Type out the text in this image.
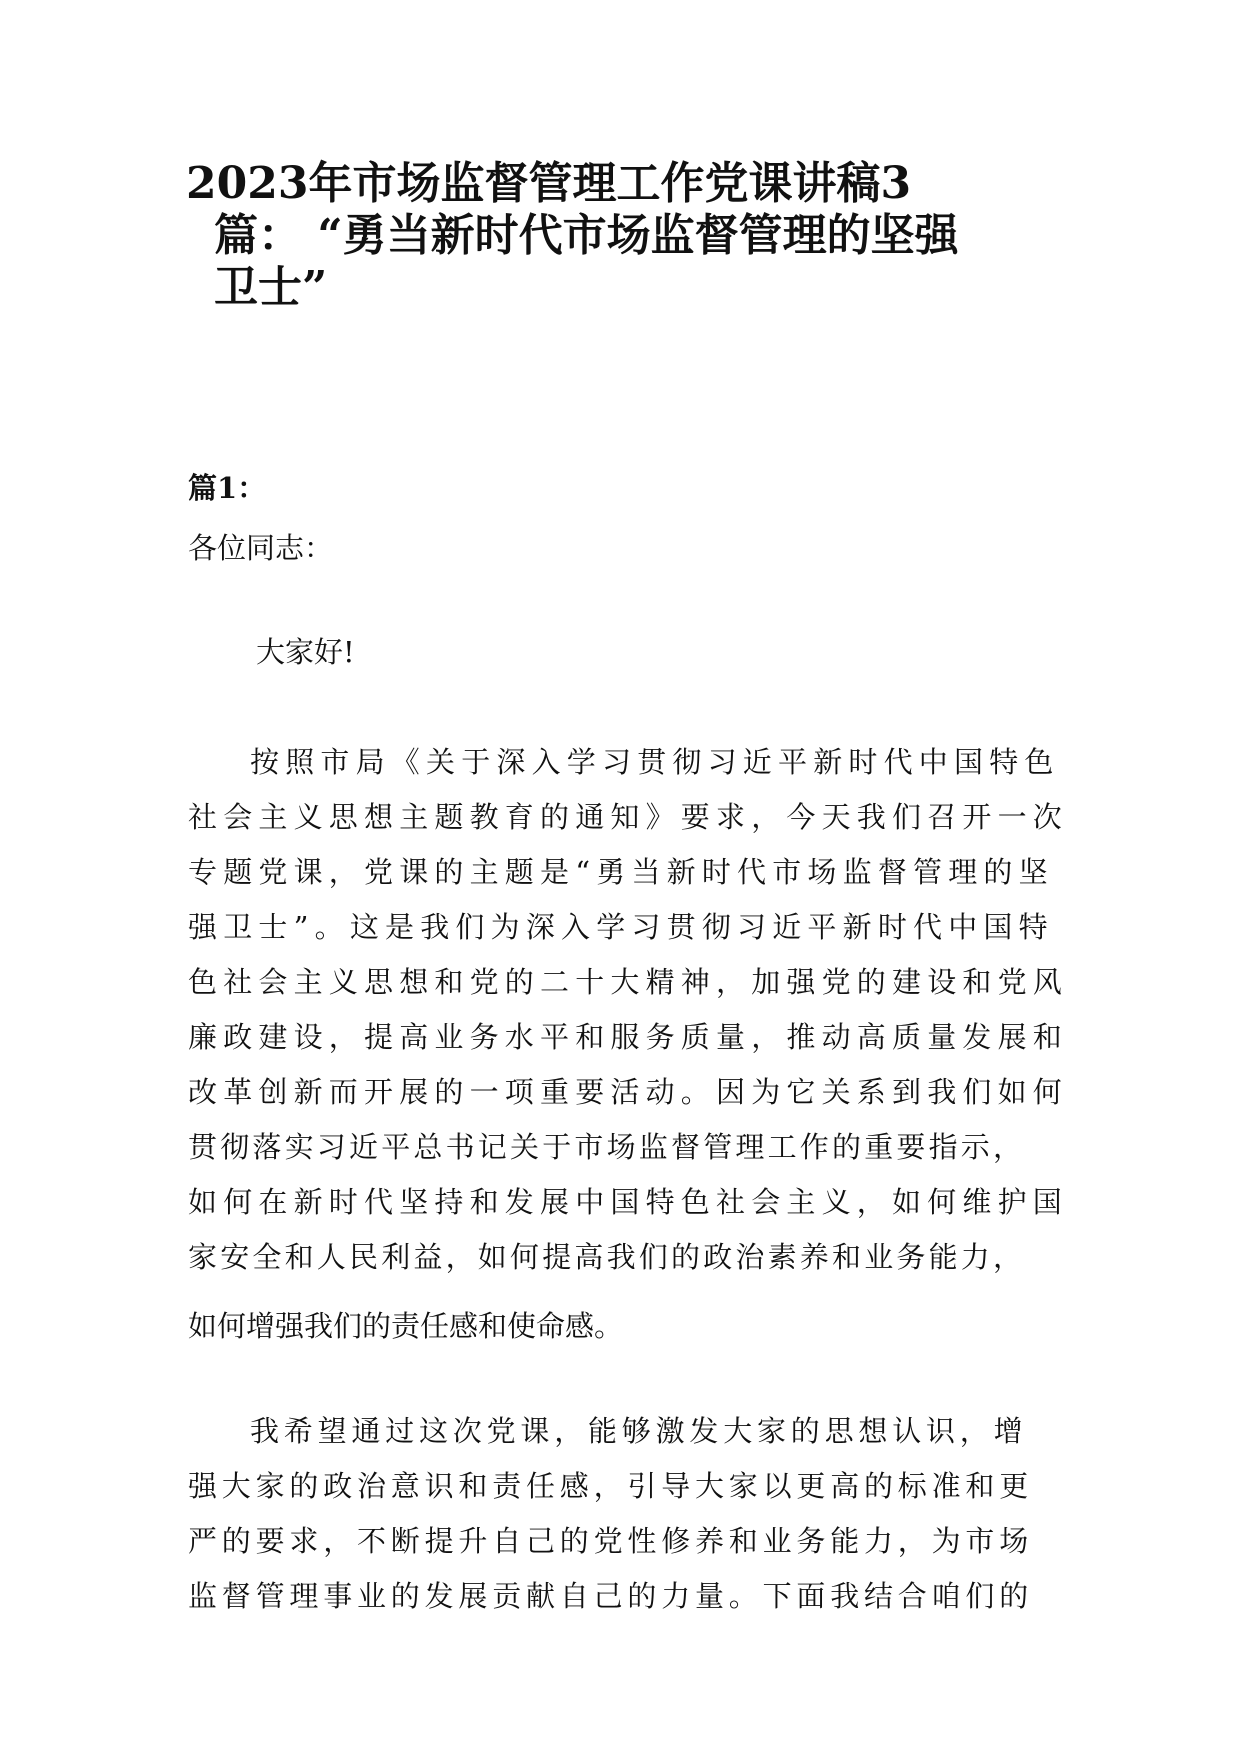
2023年市场监督管理工作党课讲稿3
篇： “勇当新时代市场监督管理的坚强
卫士”
篇1：
各位同志：
大家好!
按照市局《关于深入学习贯彻习近平新时代中国特色
社会主义思想主题教育的通知》要求，今天我们召开一次
专题党课，党课的主题是“勇当新时代市场监督管理的坚
强卫士”。这是我们为深入学习贯彻习近平新时代中国特
色社会主义思想和党的二十大精神，加强党的建设和党风
廉政建设，提高业务水平和服务质量，推动高质量发展和
改革创新而开展的一项重要活动。因为它关系到我们如何
贯彻落实习近平总书记关于市场监督管理工作的重要指示，
如何在新时代坚持和发展中国特色社会主义，如何维护国
家安全和人民利益，如何提高我们的政治素养和业务能力，
如何增强我们的责任感和使命感。
我希望通过这次党课，能够激发大家的思想认识，增
强大家的政治意识和责任感，引导大家以更高的标准和更
严的要求，不断提升自己的党性修养和业务能力，为市场
监督管理事业的发展贡献自己的力量。下面我结合咱们的
